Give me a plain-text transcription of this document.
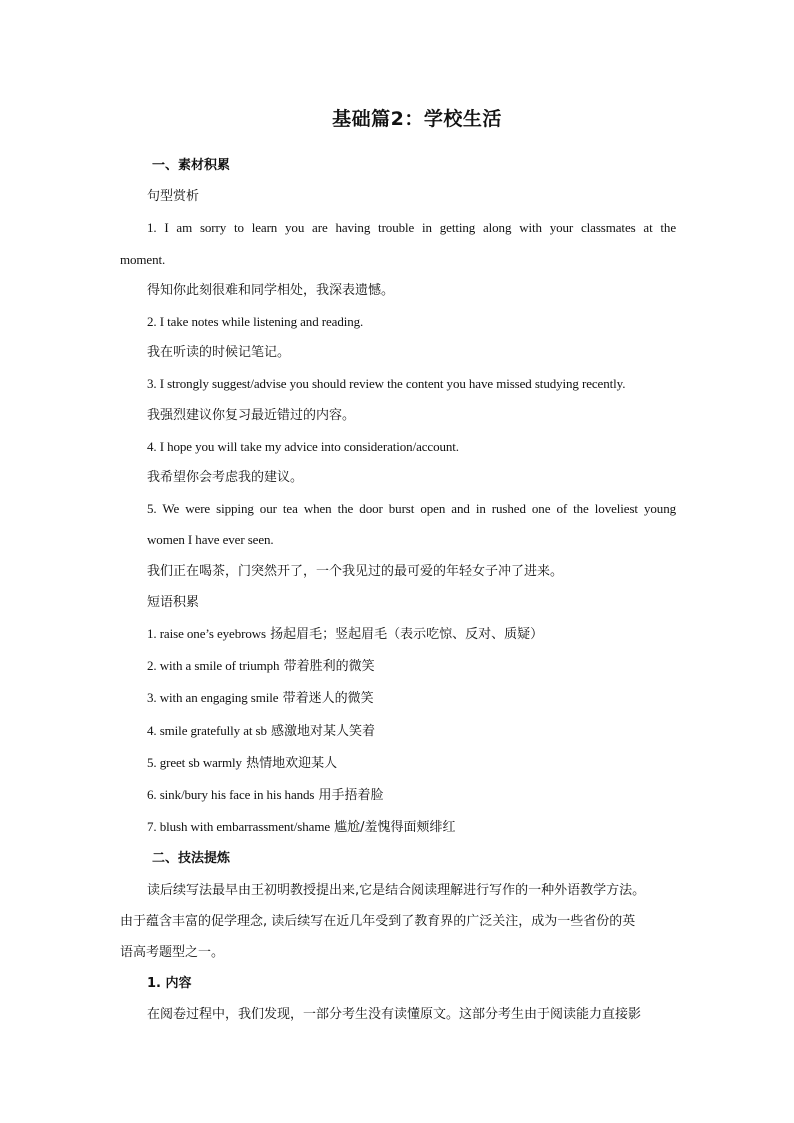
基础篇2：学校生活
一、素材积累
句型赏析
1. I am sorry to learn you are having trouble in getting along with your classmates at the
moment.
得知你此刻很难和同学相处，我深表遗憾。
2. I take notes while listening and reading.
我在听读的时候记笔记。
3. I strongly suggest/advise you should review the content you have missed studying recently.
我强烈建议你复习最近错过的内容。
4. I hope you will take my advice into consideration/account.
我希望你会考虑我的建议。
5. We were sipping our tea when the door burst open and in rushed one of the loveliest young
women I have ever seen.
我们正在喝茶，门突然开了，一个我见过的最可爱的年轻女子冲了进来。
短语积累
1. raise one’s eyebrows 扬起眉毛；竖起眉毛（表示吃惊、反对、质疑）
2. with a smile of triumph 带着胜利的微笑
3. with an engaging smile 带着迷人的微笑
4. smile gratefully at sb 感激地对某人笑着
5. greet sb warmly 热情地欢迎某人
6. sink/bury his face in his hands 用手捂着脸
7. blush with embarrassment/shame 尴尬/羞愧得面颊绯红
二、技法提炼
读后续写法最早由王初明教授提出来,它是结合阅读理解进行写作的一种外语教学方法。
由于蕴含丰富的促学理念, 读后续写在近几年受到了教育界的广泛关注，成为一些省份的英
语高考题型之一。
1. 内容
在阅卷过程中，我们发现，一部分考生没有读懂原文。这部分考生由于阅读能力直接影
